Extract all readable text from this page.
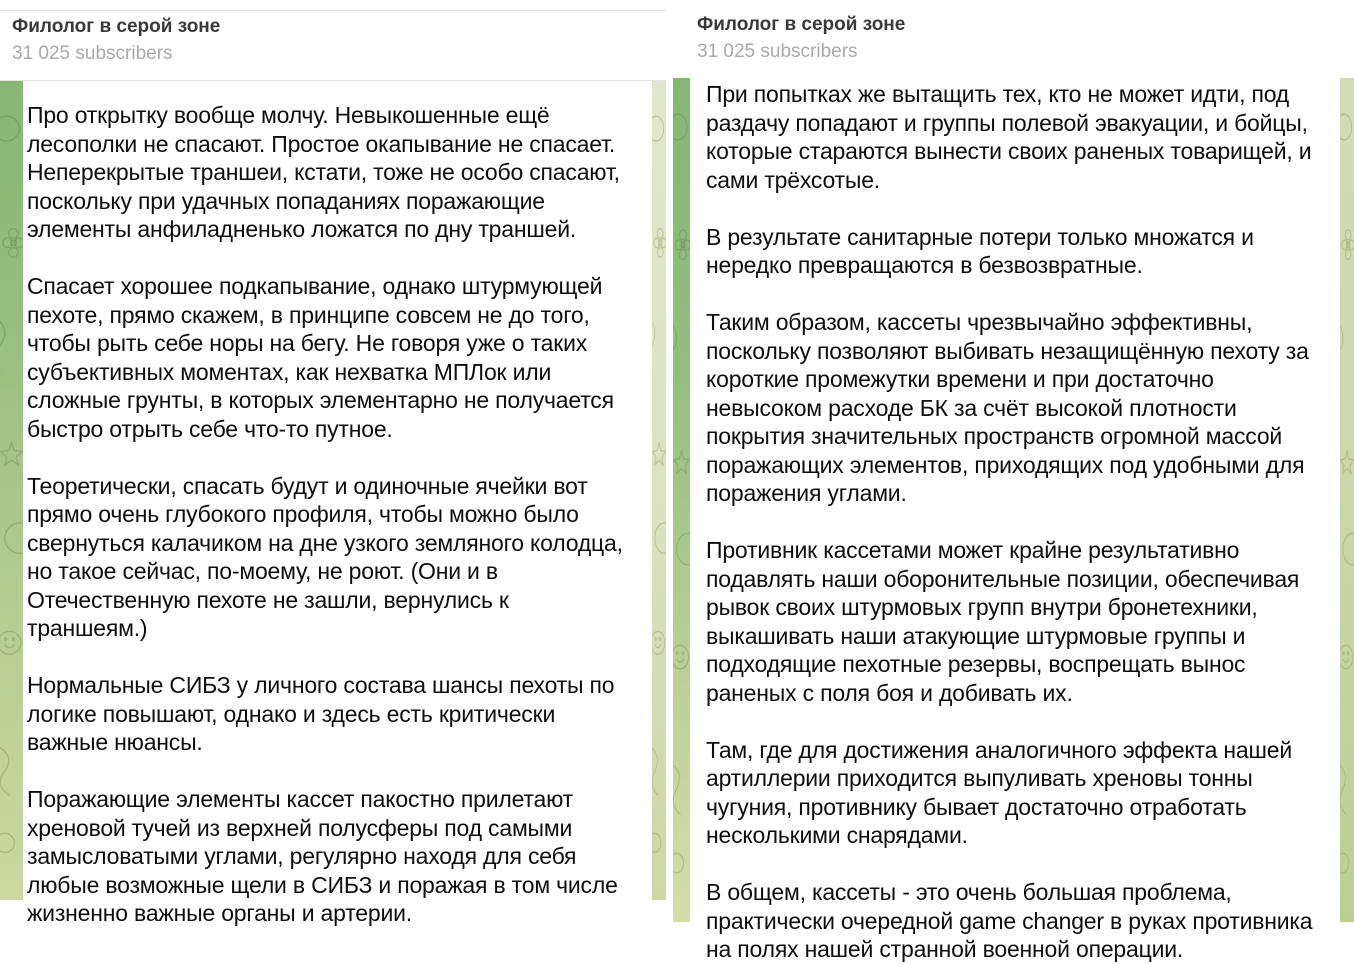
Филолог в серой зоне
31 025 subscribers

Про открытку вообще молчу. Невыкошенные ещё лесополки не спасают. Простое окапывание не спасает. Неперекрытые траншеи, кстати, тоже не особо спасают, поскольку при удачных попаданиях поражающие элементы анфиладненько ложатся по дну траншей.

Спасает хорошее подкапывание, однако штурмующей пехоте, прямо скажем, в принципе совсем не до того, чтобы рыть себе норы на бегу. Не говоря уже о таких субъективных моментах, как нехватка МПЛок или сложные грунты, в которых элементарно не получается быстро отрыть себе что-то путное.

Теоретически, спасать будут и одиночные ячейки вот прямо очень глубокого профиля, чтобы можно было свернуться калачиком на дне узкого земляного колодца, но такое сейчас, по-моему, не роют. (Они и в Отечественную пехоте не зашли, вернулись к траншеям.)

Нормальные СИБЗ у личного состава шансы пехоты по логике повышают, однако и здесь есть критически важные нюансы.

Поражающие элементы кассет пакостно прилетают хреновой тучей из верхней полусферы под самыми замысловатыми углами, регулярно находя для себя любые возможные щели в СИБЗ и поражая в том числе жизненно важные органы и артерии.

Филолог в серой зоне
31 025 subscribers

При попытках же вытащить тех, кто не может идти, под раздачу попадают и группы полевой эвакуации, и бойцы, которые стараются вынести своих раненых товарищей, и сами трёхсотые.

В результате санитарные потери только множатся и нередко превращаются в безвозвратные.

Таким образом, кассеты чрезвычайно эффективны, поскольку позволяют выбивать незащищённую пехоту за короткие промежутки времени и при достаточно невысоком расходе БК за счёт высокой плотности покрытия значительных пространств огромной массой поражающих элементов, приходящих под удобными для поражения углами.

Противник кассетами может крайне результативно подавлять наши оборонительные позиции, обеспечивая рывок своих штурмовых групп внутри бронетехники, выкашивать наши атакующие штурмовые группы и подходящие пехотные резервы, воспрещать вынос раненых с поля боя и добивать их.

Там, где для достижения аналогичного эффекта нашей артиллерии приходится выпуливать хреновы тонны чугуния, противнику бывает достаточно отработать несколькими снарядами.

В общем, кассеты - это очень большая проблема, практически очередной game changer в руках противника на полях нашей странной военной операции.
